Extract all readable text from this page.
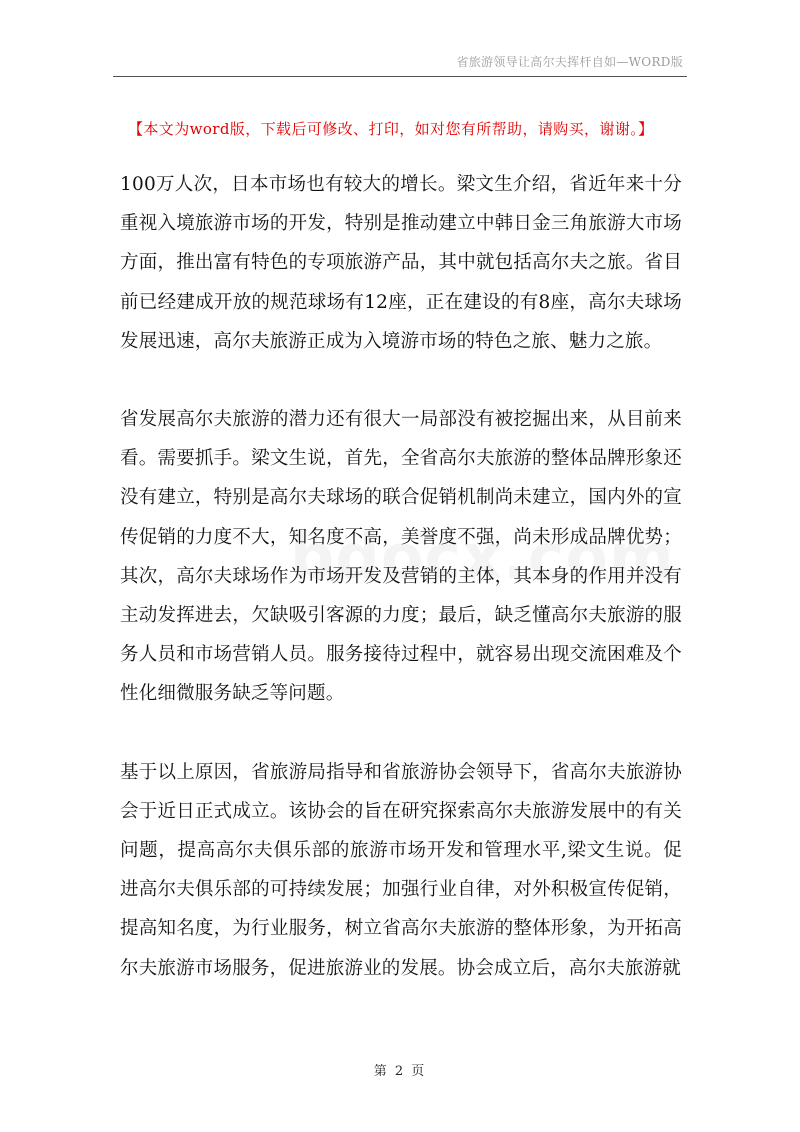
省旅游领导让高尔夫挥杆自如—WORD版
【本文为word版，下载后可修改、打印，如对您有所帮助，请购买，谢谢。】

100万人次，日本市场也有较大的增长。梁文生介绍，省近年来十分重视入境旅游市场的开发，特别是推动建立中韩日金三角旅游大市场方面，推出富有特色的专项旅游产品，其中就包括高尔夫之旅。省目前已经建成开放的规范球场有12座，正在建设的有8座，高尔夫球场发展迅速，高尔夫旅游正成为入境游市场的特色之旅、魅力之旅。

省发展高尔夫旅游的潜力还有很大一局部没有被挖掘出来，从目前来看。需要抓手。梁文生说，首先，全省高尔夫旅游的整体品牌形象还没有建立，特别是高尔夫球场的联合促销机制尚未建立，国内外的宣传促销的力度不大，知名度不高，美誉度不强，尚未形成品牌优势；其次，高尔夫球场作为市场开发及营销的主体，其本身的作用并没有主动发挥进去，欠缺吸引客源的力度；最后，缺乏懂高尔夫旅游的服务人员和市场营销人员。服务接待过程中，就容易出现交流困难及个性化细微服务缺乏等问题。

基于以上原因，省旅游局指导和省旅游协会领导下，省高尔夫旅游协会于近日正式成立。该协会的旨在研究探索高尔夫旅游发展中的有关问题，提高高尔夫俱乐部的旅游市场开发和管理水平,梁文生说。促进高尔夫俱乐部的可持续发展；加强行业自律，对外积极宣传促销，提高知名度，为行业服务，树立省高尔夫旅游的整体形象，为开拓高尔夫旅游市场服务，促进旅游业的发展。协会成立后，高尔夫旅游就

第 2 页
